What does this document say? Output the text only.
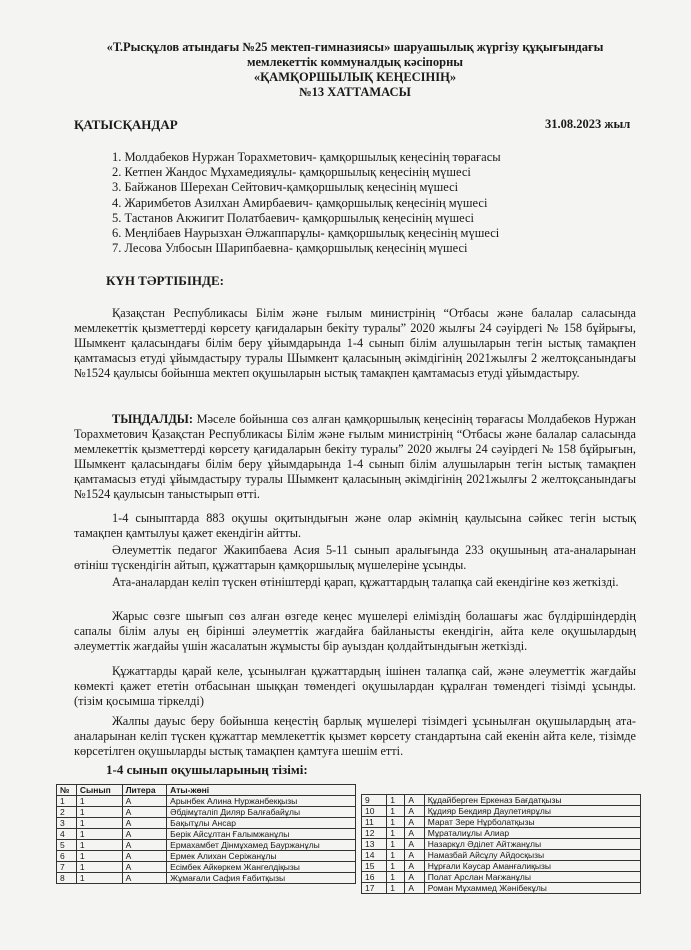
«Т.Рысқұлов атындағы №25 мектеп-гимназиясы» шаруашылық жүргізу құқығындағы
мемлекеттік коммуналдық кәсіпорны
«ҚАМҚОРШЫЛЫҚ КЕҢЕСІНІҢ»
№13 ХАТТАМАСЫ
ҚАТЫСҚАНДАР	31.08.2023 жыл
1. Молдабеков Нуржан Торахметович- қамқоршылық кеңесінің төрағасы
2. Кетпен Жандос Мұхамедияұлы- қамқоршылық кеңесінің мүшесі
3. Байжанов Шерехан Сейтович-қамқоршылық кеңесінің мүшесі
4. Жаримбетов Азилхан Амирбаевич- қамқоршылық кеңесінің мүшесі
5. Тастанов Акжигит Полатбаевич- қамқоршылық кеңесінің мүшесі
6. Меңлібаев Наурызхан Әлжаппарұлы- қамқоршылық кеңесінің мүшесі
7. Лесова Улбосын Шарипбаевна- қамқоршылық кеңесінің мүшесі
КҮН ТӘРТІБІНДЕ:
Қазақстан Республикасы Білім және ғылым министрінің “Отбасы және балалар саласында мемлекеттік қызметтерді көрсету қағидаларын бекіту туралы” 2020 жылғы 24 сәуірдегі № 158 бұйрығы, Шымкент қаласындағы білім беру ұйымдарында 1-4 сынып білім алушыларын тегін ыстық тамақпен қамтамасыз етуді ұйымдастыру туралы Шымкент қаласының әкімдігінің 2021жылғы 2 желтоқсанындағы №1524 қаулысы бойынша мектеп оқушыларын ыстық тамақпен қамтамасыз етуді ұйымдастыру.
ТЫҢДАЛДЫ: Мәселе бойынша сөз алған қамқоршылық кеңесінің төрағасы Молдабеков Нуржан Торахметович Қазақстан Республикасы Білім және ғылым министрінің “Отбасы және балалар саласында мемлекеттік қызметтерді көрсету қағидаларын бекіту туралы” 2020 жылғы 24 сәуірдегі № 158 бұйрығын, Шымкент қаласындағы білім беру ұйымдарында 1-4 сынып білім алушыларын тегін ыстық тамақпен қамтамасыз етуді ұйымдастыру туралы Шымкент қаласының әкімдігінің 2021жылғы 2 желтоқсанындағы №1524 қаулысын таныстырып өтті.
1-4 сыныптарда 883 оқушы оқитындығын және олар әкімнің қаулысына сәйкес тегін ыстық тамақпен қамтылуы қажет екендігін айтты.
Әлеуметтік педагог Жакипбаева Асия 5-11 сынып аралығында 233 оқушының ата-аналарынан өтініш түскендігін айтып, құжаттарын қамқоршылық мүшелеріне ұсынды.
Ата-аналардан келіп түскен өтініштерді қарап, құжаттардың талапқа сай екендігіне көз жеткізді.
Жарыс сөзге шығып сөз алған өзгеде кеңес мүшелері еліміздің болашағы жас бүлдіршіндердің сапалы білім алуы ең бірінші әлеуметтік жағдайға байланысты екендігін, айта келе оқушылардың әлеуметтік жағдайы үшін жасалатын жұмысты бір ауыздан қолдайтындығын жеткізді.
Құжаттарды қарай келе, ұсынылған құжаттардың ішінен талапқа сай, және әлеуметтік жағдайы көмекті қажет ететін отбасынан шыққан төмендегі оқушылардан құралған төмендегі тізімді ұсынды. (тізім қосымша тіркелді)
Жалпы дауыс беру бойынша кеңестің барлық мүшелері тізімдегі ұсынылған оқушылардың ата-аналарынан келіп түскен құжаттар мемлекеттік қызмет көрсету стандартына сай екенін айта келе, тізімде көрсетілген оқушыларды ыстық тамақпен қамтуға шешім етті.
1-4 сынып оқушыларының тізімі:
№	Сынып	Литера	Аты-жөні
1	1	А	Арынбек Алина Нуржанбекқызы
2	1	А	Әбдімұталіп Диляр Балғабайұлы
3	1	А	Бақытұлы Ансар
4	1	А	Берік Айсұлтан Ғалымжанұлы
5	1	А	Ермахамбет Дінмұхамед Бауржанұлы
6	1	А	Ермек Алихан Серіжанұлы
7	1	А	Есімбек Айкөркем Жангелдіқызы
8	1	А	Жұмағали Сафия Ғабитқызы
9	1	А	Құдайберген Еркеназ Бағдатқызы
10	1	А	Құдияр Бекдияр Даулетиярұлы
11	1	А	Марат Зере Нұрболатқызы
12	1	А	Мұраталиұлы Алиар
13	1	А	Назаркұл Әділет Айтжанұлы
14	1	А	Намазбай Айсұлу Айдосқызы
15	1	А	Нұрғали Кәусар Аманғалиқызы
16	1	А	Полат Арслан Мағжанұлы
17	1	А	Роман Мұхаммед Жәнібекұлы
